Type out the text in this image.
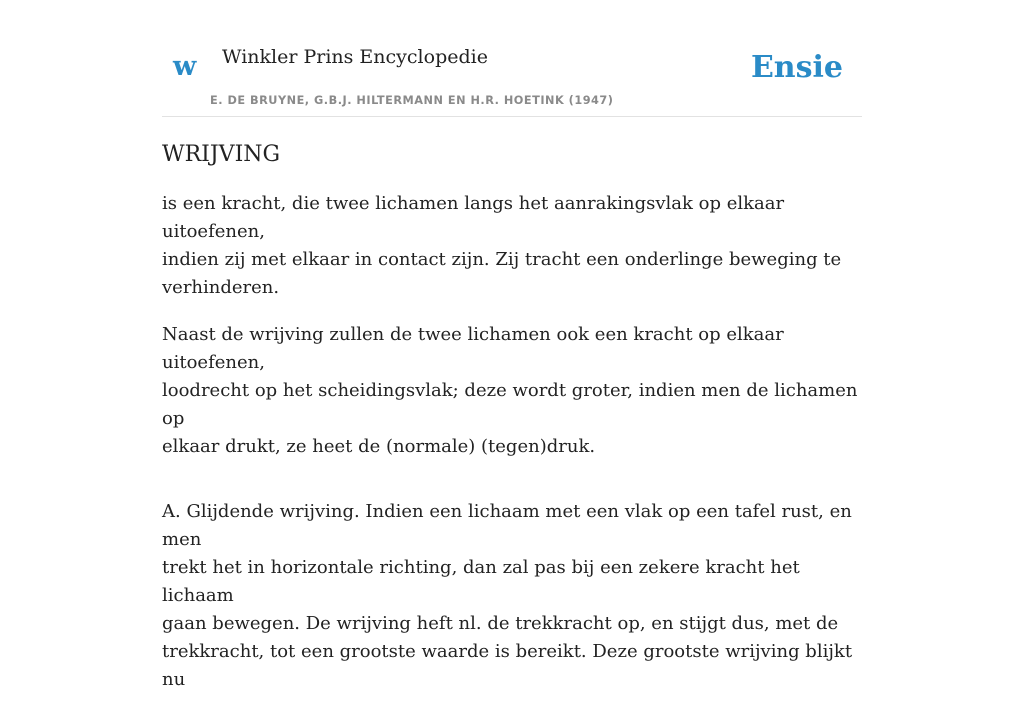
w Winkler Prins Encyclopedie
E. DE BRUYNE, G.B.J. HILTERMANN EN H.R. HOETINK (1947)
Ensie
WRIJVING

is een kracht, die twee lichamen langs het aanrakingsvlak op elkaar uitoefenen,
indien zij met elkaar in contact zijn. Zij tracht een onderlinge beweging te
verhinderen.

Naast de wrijving zullen de twee lichamen ook een kracht op elkaar uitoefenen,
loodrecht op het scheidingsvlak; deze wordt groter, indien men de lichamen op
elkaar drukt, ze heet de (normale) (tegen)druk.

A. Glijdende wrijving. Indien een lichaam met een vlak op een tafel rust, en men
trekt het in horizontale richting, dan zal pas bij een zekere kracht het lichaam
gaan bewegen. De wrijving heft nl. de trekkracht op, en stijgt dus, met de
trekkracht, tot een grootste waarde is bereikt. Deze grootste wrijving blijkt nu
